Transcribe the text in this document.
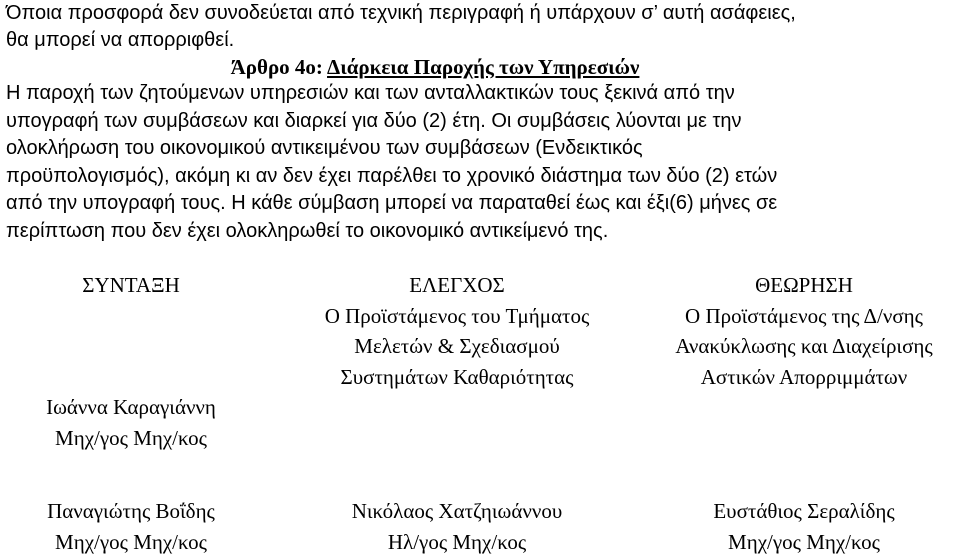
Όποια προσφορά δεν συνοδεύεται από τεχνική περιγραφή ή υπάρχουν σ’ αυτή ασάφειες,
θα μπορεί να απορριφθεί.
Άρθρο 4ο: Διάρκεια Παροχής των Υπηρεσιών
Η παροχή των ζητούμενων υπηρεσιών και των ανταλλακτικών τους ξεκινά από την
υπογραφή των συμβάσεων και διαρκεί για δύο (2) έτη. Οι συμβάσεις λύονται με την
ολοκλήρωση του οικονομικού αντικειμένου των συμβάσεων (Ενδεικτικός
προϋπολογισμός), ακόμη κι αν δεν έχει παρέλθει το χρονικό διάστημα των δύο (2) ετών
από την υπογραφή τους. Η κάθε σύμβαση μπορεί να παραταθεί έως και έξι(6) μήνες σε
περίπτωση που δεν έχει ολοκληρωθεί το οικονομικό αντικείμενό της.
ΣΥΝΤΑΞΗ
Ιωάννα Καραγιάννη
Μηχ/γος Μηχ/κος
ΕΛΕΓΧΟΣ
Ο Προϊστάμενος του Τμήματος
Μελετών & Σχεδιασμού
Συστημάτων Καθαριότητας
ΘΕΩΡΗΣΗ
Ο Προϊστάμενος της Δ/νσης
Ανακύκλωσης και Διαχείρισης
Αστικών Απορριμμάτων
Παναγιώτης Βοΐδης
Μηχ/γος Μηχ/κος
Νικόλαος Χατζηιωάννου
Ηλ/γος Μηχ/κος
Ευστάθιος Σεραλίδης
Μηχ/γος Μηχ/κος
